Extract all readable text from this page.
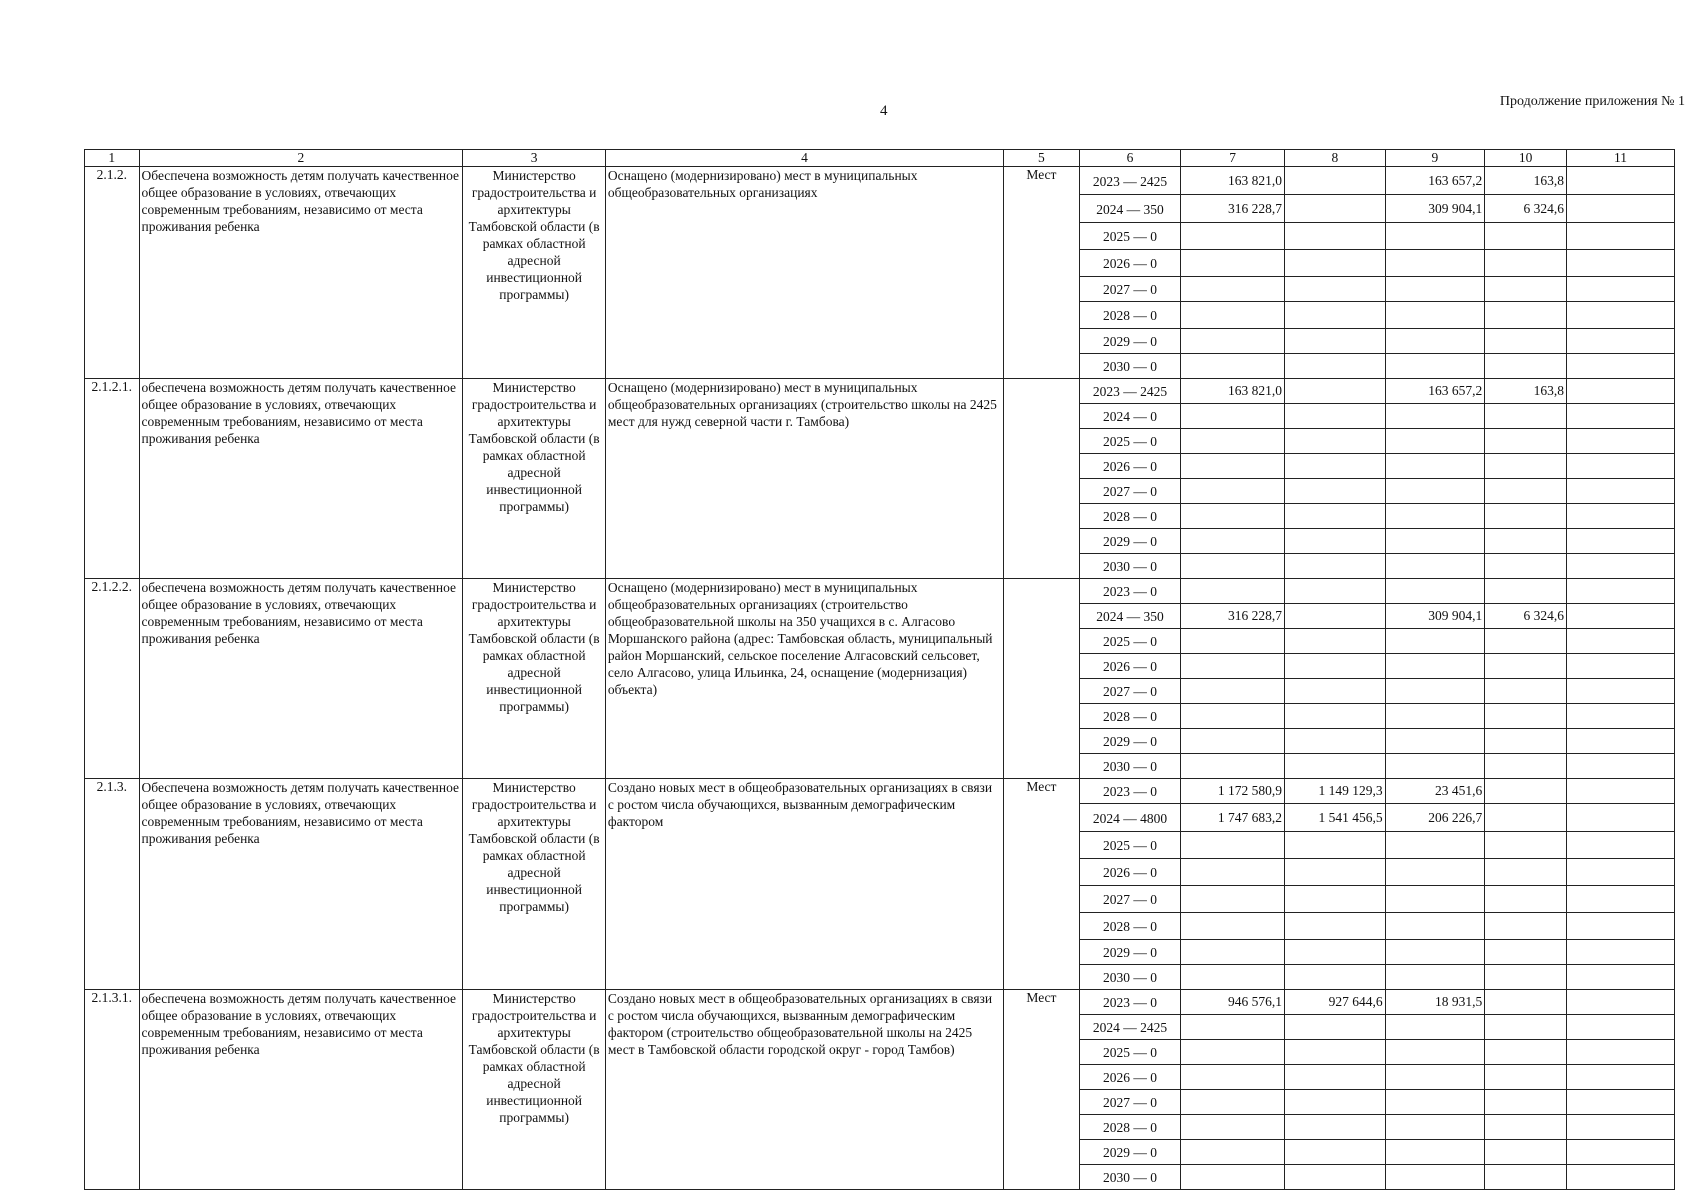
4
Продолжение приложения № 1
1	2	3	4	5	6	7	8	9	10	11
2.1.2.	Обеспечена возможность детям получать качественное общее образование в условиях, отвечающих современным требованиям, независимо от места проживания ребенка	Министерство градостроительства и архитектуры Тамбовской области (в рамках областной адресной инвестиционной программы)	Оснащено (модернизировано) мест в муниципальных общеобразовательных организациях	Мест	2023 — 2425	163 821,0		163 657,2	163,8	
					2024 — 350	316 228,7		309 904,1	6 324,6	
					2025 — 0					
					2026 — 0					
					2027 — 0					
					2028 — 0					
					2029 — 0					
					2030 — 0					
2.1.2.1.	обеспечена возможность детям получать качественное общее образование в условиях, отвечающих современным требованиям, независимо от места проживания ребенка	Министерство градостроительства и архитектуры Тамбовской области (в рамках областной адресной инвестиционной программы)	Оснащено (модернизировано) мест в муниципальных общеобразовательных организациях (строительство школы на 2425 мест для нужд северной части г. Тамбова)		2023 — 2425	163 821,0		163 657,2	163,8	
					2024 — 0					
					2025 — 0					
					2026 — 0					
					2027 — 0					
					2028 — 0					
					2029 — 0					
					2030 — 0					
2.1.2.2.	обеспечена возможность детям получать качественное общее образование в условиях, отвечающих современным требованиям, независимо от места проживания ребенка	Министерство градостроительства и архитектуры Тамбовской области (в рамках областной адресной инвестиционной программы)	Оснащено (модернизировано) мест в муниципальных общеобразовательных организациях (строительство общеобразовательной школы на 350 учащихся в с. Алгасово Моршанского района (адрес: Тамбовская область, муниципальный район Моршанский, сельское поселение Алгасовский сельсовет, село Алгасово, улица Ильинка, 24, оснащение (модернизация) объекта)		2023 — 0					
					2024 — 350	316 228,7		309 904,1	6 324,6	
					2025 — 0					
					2026 — 0					
					2027 — 0					
					2028 — 0					
					2029 — 0					
					2030 — 0					
2.1.3.	Обеспечена возможность детям получать качественное общее образование в условиях, отвечающих современным требованиям, независимо от места проживания ребенка	Министерство градостроительства и архитектуры Тамбовской области (в рамках областной адресной инвестиционной программы)	Создано новых мест в общеобразовательных организациях в связи с ростом числа обучающихся, вызванным демографическим фактором	Мест	2023 — 0	1 172 580,9	1 149 129,3	23 451,6		
					2024 — 4800	1 747 683,2	1 541 456,5	206 226,7		
					2025 — 0					
					2026 — 0					
					2027 — 0					
					2028 — 0					
					2029 — 0					
					2030 — 0					
2.1.3.1.	обеспечена возможность детям получать качественное общее образование в условиях, отвечающих современным требованиям, независимо от места проживания ребенка	Министерство градостроительства и архитектуры Тамбовской области (в рамках областной адресной инвестиционной программы)	Создано новых мест в общеобразовательных организациях в связи с ростом числа обучающихся, вызванным демографическим фактором (строительство общеобразовательной школы на 2425 мест в Тамбовской области городской округ - город Тамбов)	Мест	2023 — 0	946 576,1	927 644,6	18 931,5		
					2024 — 2425					
					2025 — 0					
					2026 — 0					
					2027 — 0					
					2028 — 0					
					2029 — 0					
					2030 — 0					
